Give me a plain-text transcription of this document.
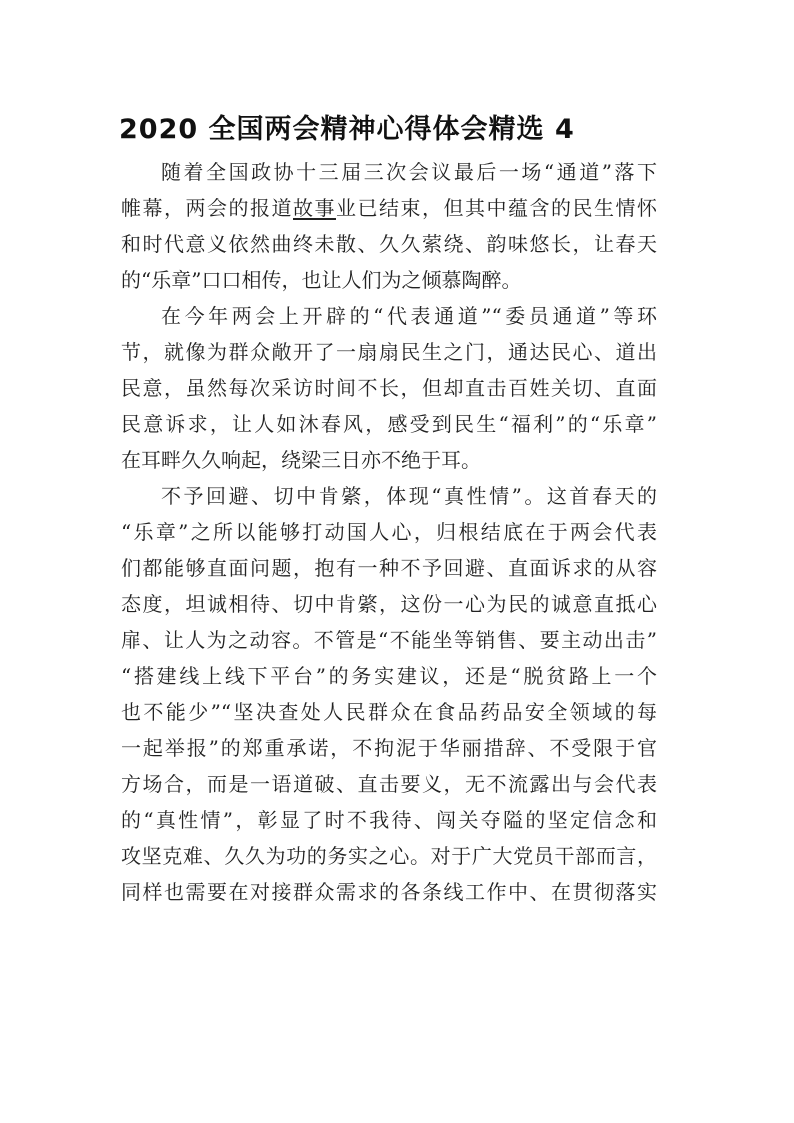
2020 全国两会精神心得体会精选 4
随着全国政协十三届三次会议最后一场“通道”落下
帷幕，两会的报道故事业已结束，但其中蕴含的民生情怀
和时代意义依然曲终未散、久久萦绕、韵味悠长，让春天
的“乐章”口口相传，也让人们为之倾慕陶醉。
在今年两会上开辟的“代表通道”“委员通道”等环
节，就像为群众敞开了一扇扇民生之门，通达民心、道出
民意，虽然每次采访时间不长，但却直击百姓关切、直面
民意诉求，让人如沐春风，感受到民生“福利”的“乐章”
在耳畔久久响起，绕梁三日亦不绝于耳。
不予回避、切中肯綮，体现“真性情”。这首春天的
“乐章”之所以能够打动国人心，归根结底在于两会代表
们都能够直面问题，抱有一种不予回避、直面诉求的从容
态度，坦诚相待、切中肯綮，这份一心为民的诚意直抵心
扉、让人为之动容。不管是“不能坐等销售、要主动出击”
“搭建线上线下平台”的务实建议，还是“脱贫路上一个
也不能少”“坚决查处人民群众在食品药品安全领域的每
一起举报”的郑重承诺，不拘泥于华丽措辞、不受限于官
方场合，而是一语道破、直击要义，无不流露出与会代表
的“真性情”，彰显了时不我待、闯关夺隘的坚定信念和
攻坚克难、久久为功的务实之心。对于广大党员干部而言，
同样也需要在对接群众需求的各条线工作中、在贯彻落实
